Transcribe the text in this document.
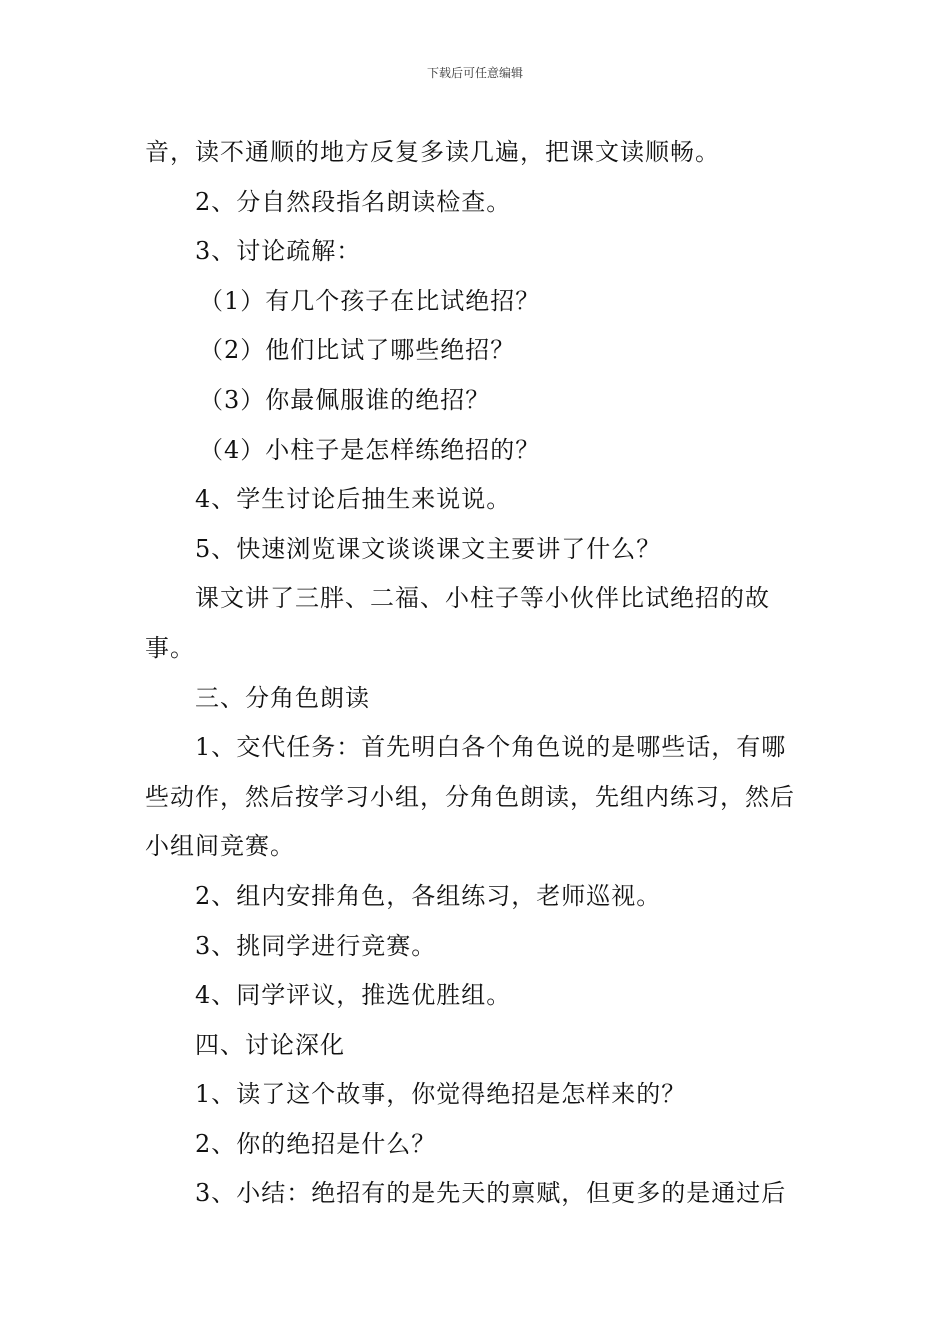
下载后可任意编辑

音，读不通顺的地方反复多读几遍，把课文读顺畅。

2、分自然段指名朗读检查。

3、讨论疏解：

（1）有几个孩子在比试绝招？

（2）他们比试了哪些绝招？

（3）你最佩服谁的绝招？

（4）小柱子是怎样练绝招的？

4、学生讨论后抽生来说说。

5、快速浏览课文谈谈课文主要讲了什么？

课文讲了三胖、二福、小柱子等小伙伴比试绝招的故事。

三、分角色朗读

1、交代任务：首先明白各个角色说的是哪些话，有哪些动作，然后按学习小组，分角色朗读，先组内练习，然后小组间竞赛。

2、组内安排角色，各组练习，老师巡视。

3、挑同学进行竞赛。

4、同学评议，推选优胜组。

四、讨论深化

1、读了这个故事，你觉得绝招是怎样来的？

2、你的绝招是什么？

3、小结：绝招有的是先天的禀赋，但更多的是通过后
